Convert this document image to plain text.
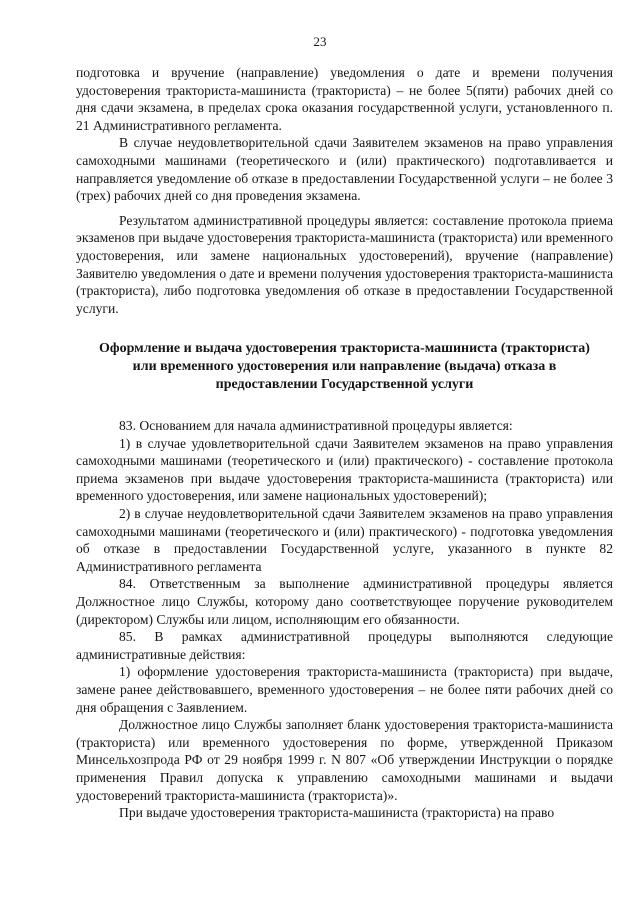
23

подготовка и вручение (направление) уведомления о дате и времени получения удостоверения тракториста-машиниста (тракториста) – не более 5(пяти) рабочих дней со дня сдачи экзамена, в пределах срока оказания государственной услуги, установленного п. 21 Административного регламента.

В случае неудовлетворительной сдачи Заявителем экзаменов на право управления самоходными машинами (теоретического и (или) практического) подготавливается и направляется уведомление об отказе в предоставлении Государственной услуги – не более 3 (трех) рабочих дней со дня проведения экзамена.

Результатом административной процедуры является: составление протокола приема экзаменов при выдаче удостоверения тракториста-машиниста (тракториста) или временного удостоверения, или замене национальных удостоверений), вручение (направление) Заявителю уведомления о дате и времени получения удостоверения тракториста-машиниста (тракториста), либо подготовка уведомления об отказе в предоставлении Государственной услуги.

Оформление и выдача удостоверения тракториста-машиниста (тракториста) или временного удостоверения или направление (выдача) отказа в предоставлении Государственной услуги

83. Основанием для начала административной процедуры является:

1) в случае удовлетворительной сдачи Заявителем экзаменов на право управления самоходными машинами (теоретического и (или) практического) - составление протокола приема экзаменов при выдаче удостоверения тракториста-машиниста (тракториста) или временного удостоверения, или замене национальных удостоверений);

2) в случае неудовлетворительной сдачи Заявителем экзаменов на право управления самоходными машинами (теоретического и (или) практического) - подготовка уведомления об отказе в предоставлении Государственной услуге, указанного в пункте 82 Административного регламента

84. Ответственным за выполнение административной процедуры является Должностное лицо Службы, которому дано соответствующее поручение руководителем (директором) Службы или лицом, исполняющим его обязанности.

85. В рамках административной процедуры выполняются следующие административные действия:

1) оформление удостоверения тракториста-машиниста (тракториста) при выдаче, замене ранее действовавшего, временного удостоверения – не более пяти рабочих дней со дня обращения с Заявлением.

Должностное лицо Службы заполняет бланк удостоверения тракториста-машиниста (тракториста) или временного удостоверения по форме, утвержденной Приказом Минсельхозпрода РФ от 29 ноября 1999 г. N 807 «Об утверждении Инструкции о порядке применения Правил допуска к управлению самоходными машинами и выдачи удостоверений тракториста-машиниста (тракториста)».

При выдаче удостоверения тракториста-машиниста (тракториста) на право
